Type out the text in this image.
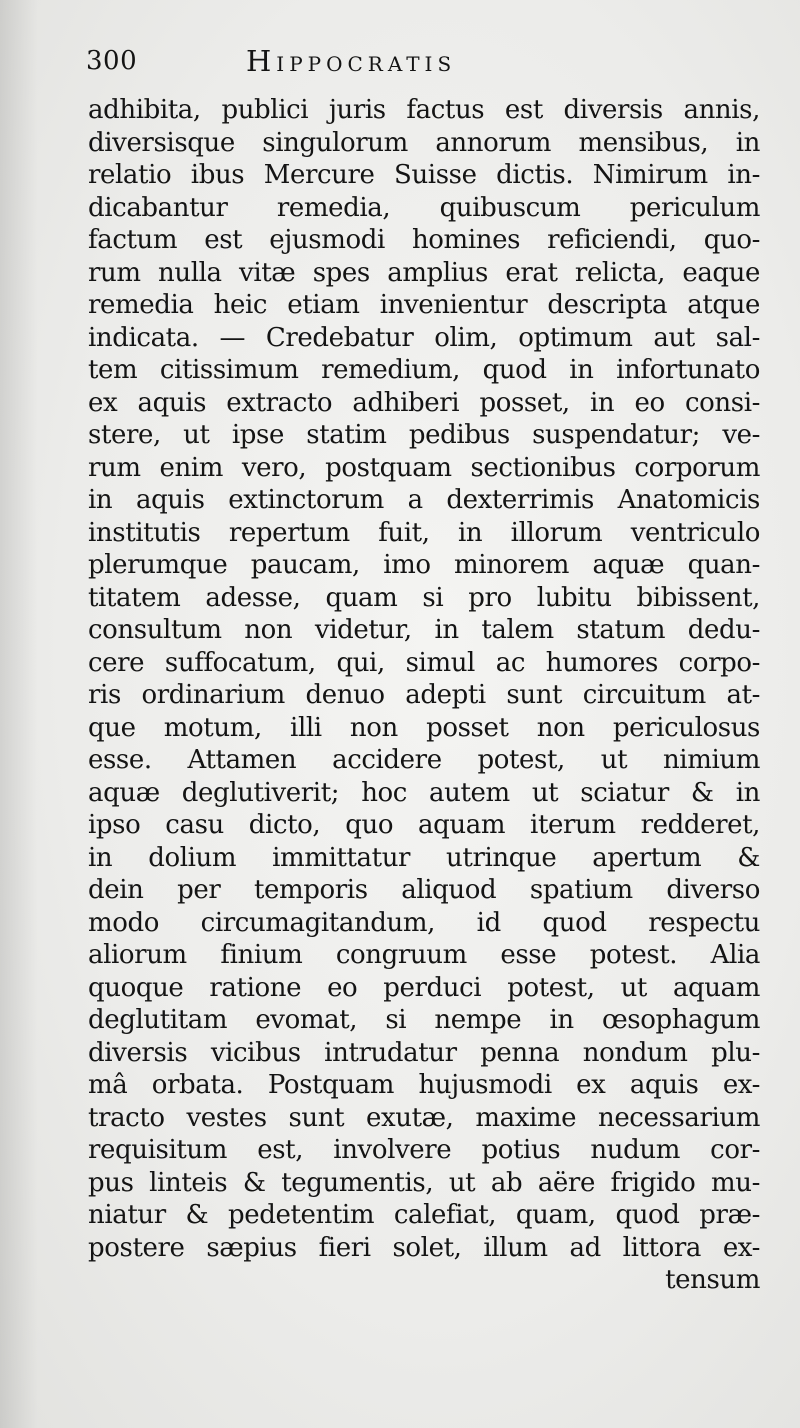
300	Hippocratis
adhibita, publici juris factus est diversis annis,
diversisque singulorum annorum mensibus, in
relatio ibus Mercure Suisse dictis. Nimirum in-
dicabantur remedia, quibuscum periculum
factum est ejusmodi homines reficiendi, quo-
rum nulla vitæ spes amplius erat relicta, eaque
remedia heic etiam invenientur descripta atque
indicata. — Credebatur olim, optimum aut sal-
tem citissimum remedium, quod in infortunato
ex aquis extracto adhiberi posset, in eo consi-
stere, ut ipse statim pedibus suspendatur; ve-
rum enim vero, postquam sectionibus corporum
in aquis extinctorum a dexterrimis Anatomicis
institutis repertum fuit, in illorum ventriculo
plerumque paucam, imo minorem aquæ quan-
titatem adesse, quam si pro lubitu bibissent,
consultum non videtur, in talem statum dedu-
cere suffocatum, qui, simul ac humores corpo-
ris ordinarium denuo adepti sunt circuitum at-
que motum, illi non posset non periculosus
esse. Attamen accidere potest, ut nimium
aquæ deglutiverit; hoc autem ut sciatur & in
ipso casu dicto, quo aquam iterum redderet,
in dolium immittatur utrinque apertum &
dein per temporis aliquod spatium diverso
modo circumagitandum, id quod respectu
aliorum finium congruum esse potest. Alia
quoque ratione eo perduci potest, ut aquam
deglutitam evomat, si nempe in œsophagum
diversis vicibus intrudatur penna nondum plu-
mâ orbata. Postquam hujusmodi ex aquis ex-
tracto vestes sunt exutæ, maxime necessarium
requisitum est, involvere potius nudum cor-
pus linteis & tegumentis, ut ab aëre frigido mu-
niatur & pedetentim calefiat, quam, quod præ-
postere sæpius fieri solet, illum ad littora ex-
tensum
